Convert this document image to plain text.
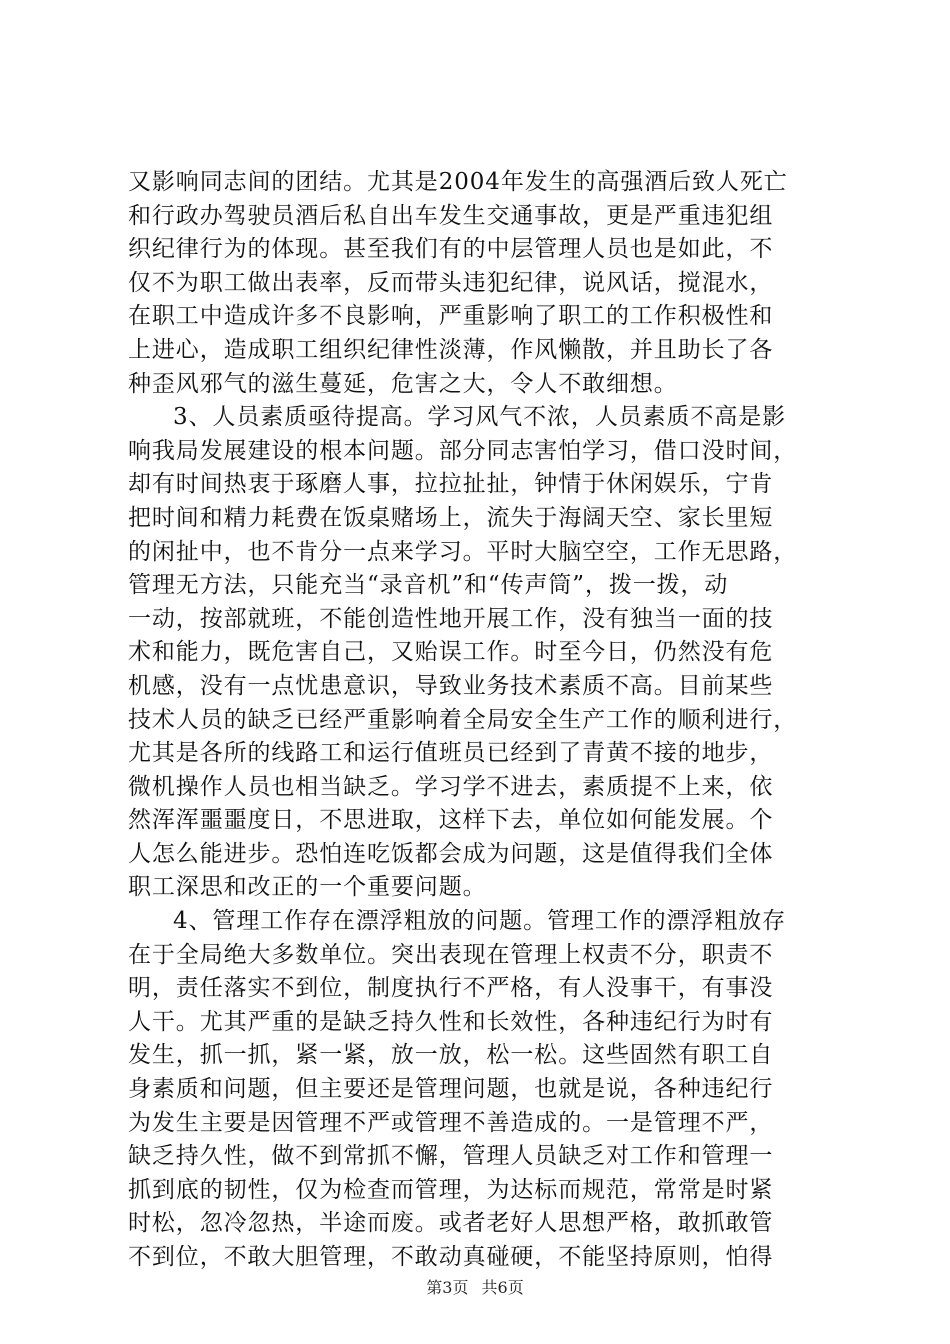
又影响同志间的团结。尤其是2004年发生的高强酒后致人死亡
和行政办驾驶员酒后私自出车发生交通事故，更是严重违犯组
织纪律行为的体现。甚至我们有的中层管理人员也是如此，不
仅不为职工做出表率，反而带头违犯纪律，说风话，搅混水，
在职工中造成许多不良影响，严重影响了职工的工作积极性和
上进心，造成职工组织纪律性淡薄，作风懒散，并且助长了各
种歪风邪气的滋生蔓延，危害之大，令人不敢细想。
3、人员素质亟待提高。学习风气不浓，人员素质不高是影
响我局发展建设的根本问题。部分同志害怕学习，借口没时间，
却有时间热衷于琢磨人事，拉拉扯扯，钟情于休闲娱乐，宁肯
把时间和精力耗费在饭桌赌场上，流失于海阔天空、家长里短
的闲扯中，也不肯分一点来学习。平时大脑空空，工作无思路，
管理无方法，只能充当“录音机”和“传声筒”，拨一拨，动
一动，按部就班，不能创造性地开展工作，没有独当一面的技
术和能力，既危害自己，又贻误工作。时至今日，仍然没有危
机感，没有一点忧患意识，导致业务技术素质不高。目前某些
技术人员的缺乏已经严重影响着全局安全生产工作的顺利进行，
尤其是各所的线路工和运行值班员已经到了青黄不接的地步，
微机操作人员也相当缺乏。学习学不进去，素质提不上来，依
然浑浑噩噩度日，不思进取，这样下去，单位如何能发展。个
人怎么能进步。恐怕连吃饭都会成为问题，这是值得我们全体
职工深思和改正的一个重要问题。
4、管理工作存在漂浮粗放的问题。管理工作的漂浮粗放存
在于全局绝大多数单位。突出表现在管理上权责不分，职责不
明，责任落实不到位，制度执行不严格，有人没事干，有事没
人干。尤其严重的是缺乏持久性和长效性，各种违纪行为时有
发生，抓一抓，紧一紧，放一放，松一松。这些固然有职工自
身素质和问题，但主要还是管理问题，也就是说，各种违纪行
为发生主要是因管理不严或管理不善造成的。一是管理不严，
缺乏持久性，做不到常抓不懈，管理人员缺乏对工作和管理一
抓到底的韧性，仅为检查而管理，为达标而规范，常常是时紧
时松，忽冷忽热，半途而废。或者老好人思想严格，敢抓敢管
不到位，不敢大胆管理，不敢动真碰硬，不能坚持原则，怕得
第3页 共6页
